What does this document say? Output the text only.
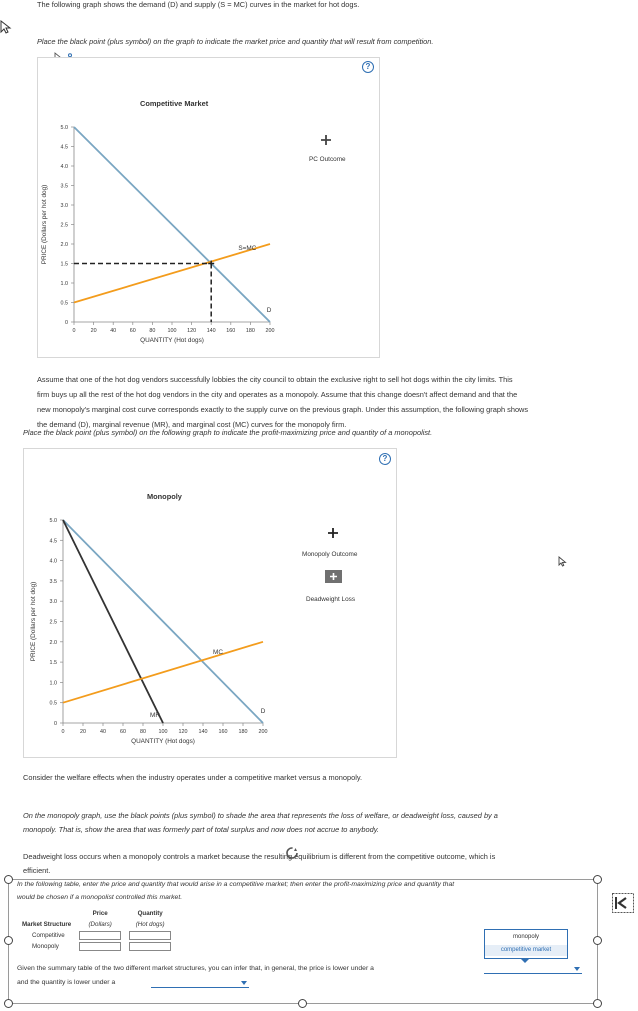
The following graph shows the demand (D) and supply (S = MC) curves in the market for hot dogs.
Place the black point (plus symbol) on the graph to indicate the market price and quantity that will result from competition.
?
Competitive Market
0
0.5
1.0
1.5
2.0
2.5
3.0
3.5
4.0
4.5
5.0
0	20	40	60	80 100 120 140 160 180 200
QUANTITY (Hot dogs)
PRICE (Dollars per hot dog)	S=MC
D
PC Outcome
Assume that one of the hot dog vendors successfully lobbies the city council to obtain the exclusive right to sell hot dogs within the city limits. This
firm buys up all the rest of the hot dog vendors in the city and operates as a monopoly. Assume that this change doesn't affect demand and that the
new monopoly's marginal cost curve corresponds exactly to the supply curve on the previous graph. Under this assumption, the following graph shows
the demand (D), marginal revenue (MR), and marginal cost (MC) curves for the monopoly firm.
Place the black point (plus symbol) on the following graph to indicate the profit-maximizing price and quantity of a monopolist.
?
Monopoly
0
0.5
1.0
1.5
2.0
2.5
3.0
3.5
4.0
4.5
5.0
0	20	40	60	80 100 120 140 160 180 200
QUANTITY (Hot dogs)
PRICE (Dollars per hot dog)	MC
MR
D
Monopoly Outcome
Deadweight Loss
Consider the welfare effects when the industry operates under a competitive market versus a monopoly.
On the monopoly graph, use the black points (plus symbol) to shade the area that represents the loss of welfare, or deadweight loss, caused by a
monopoly. That is, show the area that was formerly part of total surplus and now does not accrue to anybody.
Deadweight loss occurs when a monopoly controls a market because the resulting equilibrium is different from the competitive outcome, which is
efficient.
In the following table, enter the price and quantity that would arise in a competitive market; then enter the profit-maximizing price and quantity that
would be chosen if a monopolist controlled this market.
	Price	Quantity
Market Structure	(Dollars)	(Hot dogs)
Competitive		
Monopoly		
monopoly
competitive market
Given the summary table of the two different market structures, you can infer that, in general, the price is lower under a
and the quantity is lower under a
